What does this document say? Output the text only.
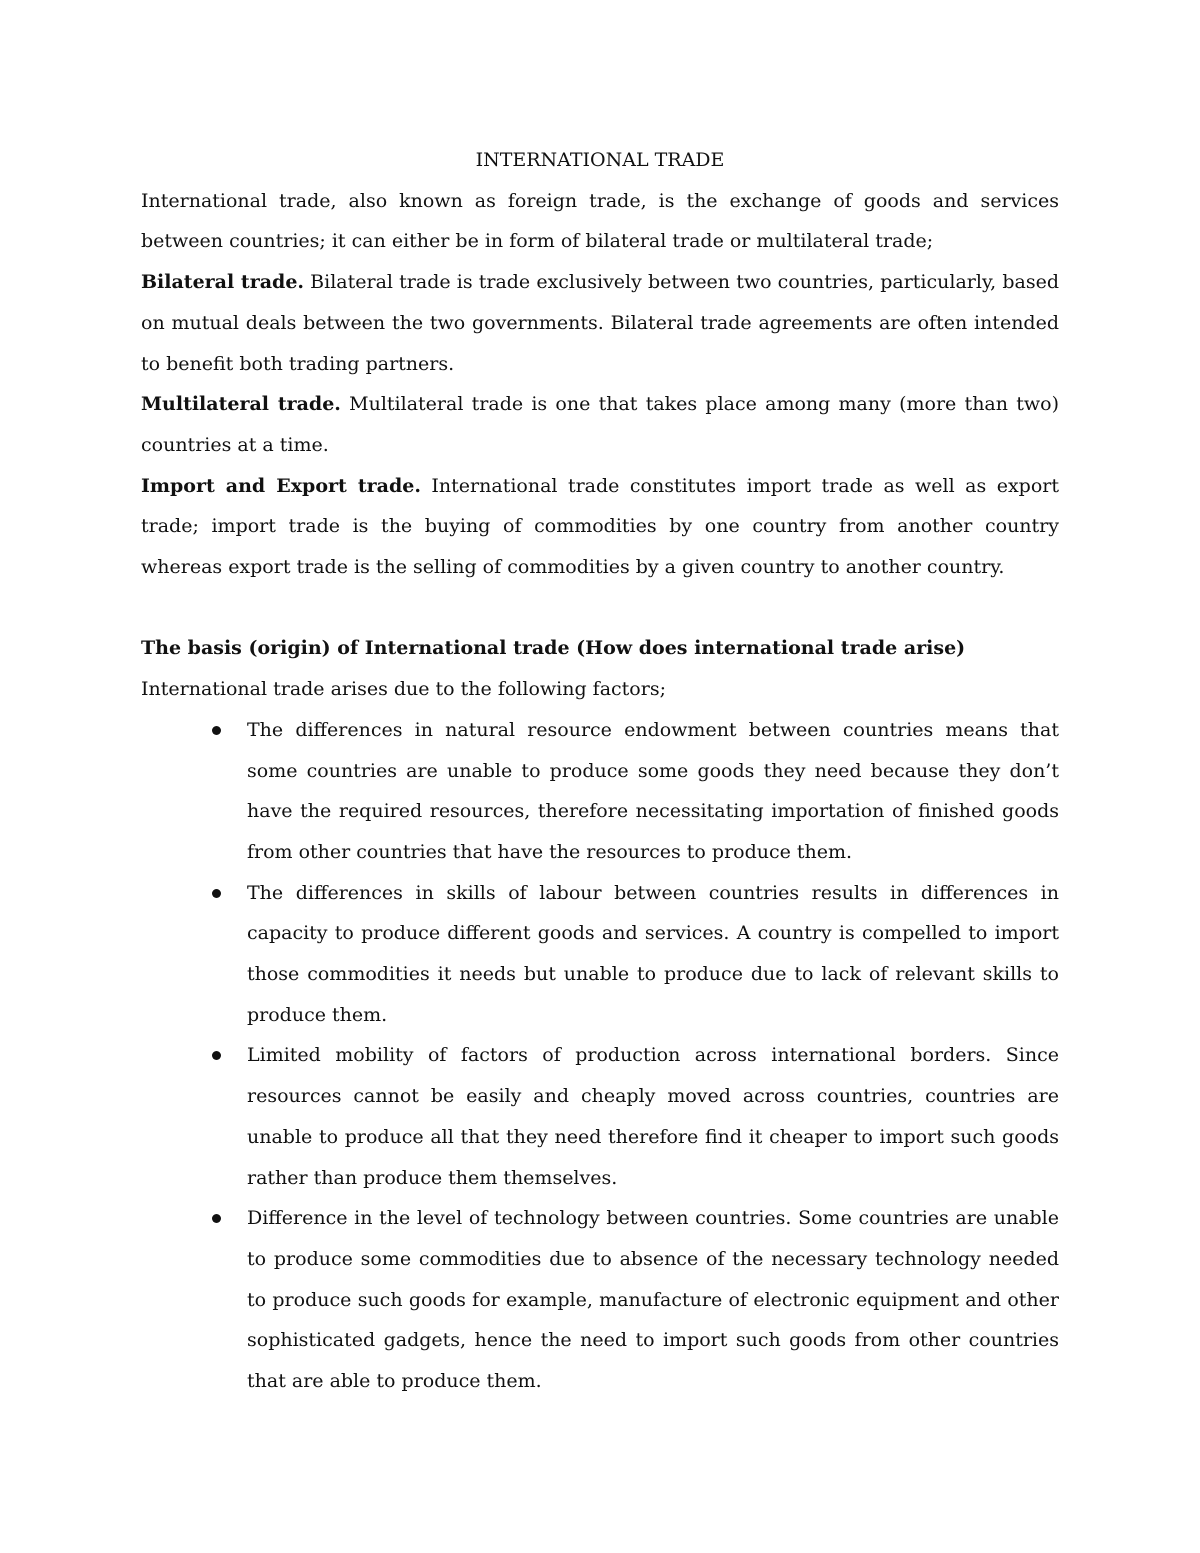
INTERNATIONAL TRADE

International trade, also known as foreign trade, is the exchange of goods and services between countries; it can either be in form of bilateral trade or multilateral trade;

Bilateral trade. Bilateral trade is trade exclusively between two countries, particularly, based on mutual deals between the two governments. Bilateral trade agreements are often intended to benefit both trading partners.

Multilateral trade. Multilateral trade is one that takes place among many (more than two) countries at a time.

Import and Export trade. International trade constitutes import trade as well as export trade; import trade is the buying of commodities by one country from another country whereas export trade is the selling of commodities by a given country to another country.

The basis (origin) of International trade (How does international trade arise)

International trade arises due to the following factors;

The differences in natural resource endowment between countries means that some countries are unable to produce some goods they need because they don’t have the required resources, therefore necessitating importation of finished goods from other countries that have the resources to produce them.
The differences in skills of labour between countries results in differences in capacity to produce different goods and services. A country is compelled to import those commodities it needs but unable to produce due to lack of relevant skills to produce them.
Limited mobility of factors of production across international borders. Since resources cannot be easily and cheaply moved across countries, countries are unable to produce all that they need therefore find it cheaper to import such goods rather than produce them themselves.
Difference in the level of technology between countries. Some countries are unable to produce some commodities due to absence of the necessary technology needed to produce such goods for example, manufacture of electronic equipment and other sophisticated gadgets, hence the need to import such goods from other countries that are able to produce them.
